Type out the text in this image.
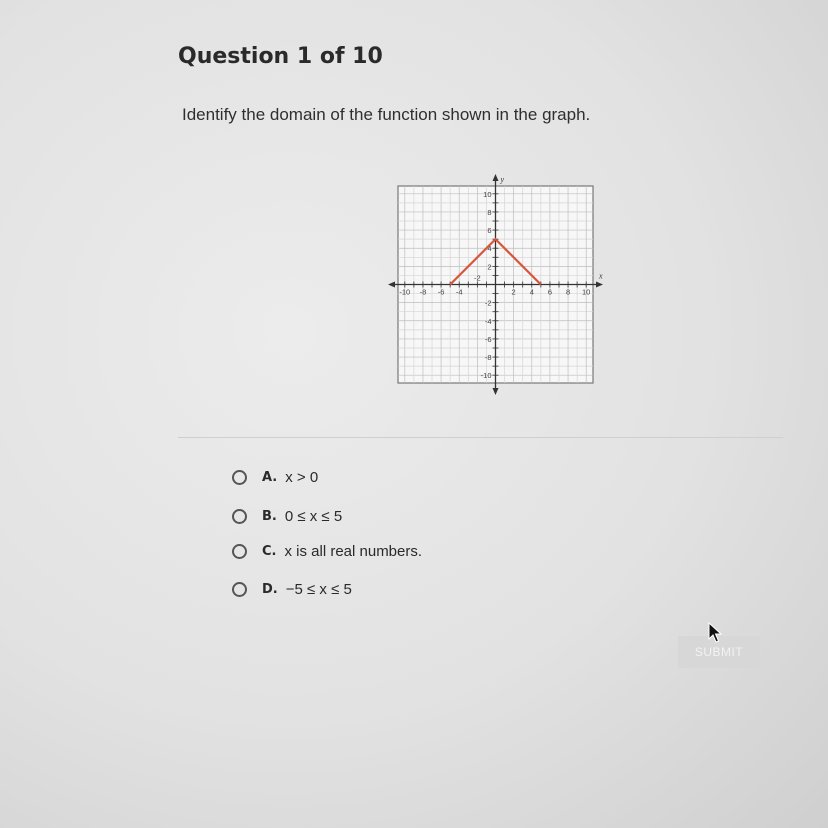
Question 1 of 10
Identify the domain of the function shown in the graph.
x
y
-10 -8 -6 -4
-2
2 4 6 8 10
10
8
6
4
2
-2
-4
-6
-8
-10
A. x > 0
B. 0 ≤ x ≤ 5
C. x is all real numbers.
D. −5 ≤ x ≤ 5
SUBMIT
